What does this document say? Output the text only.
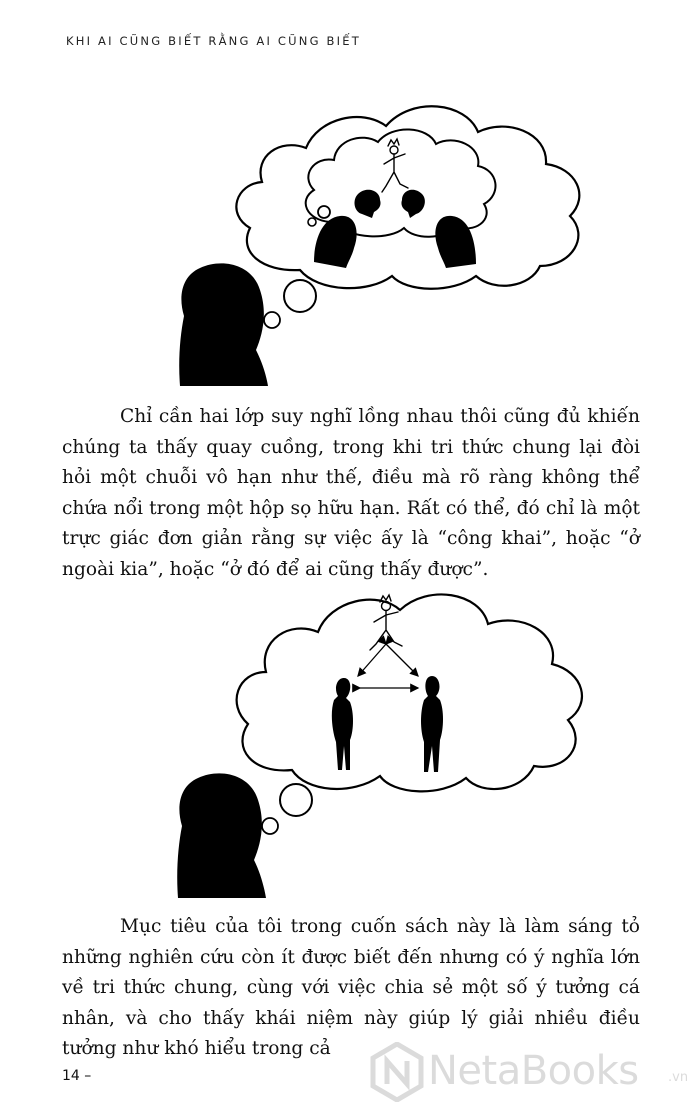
KHI AI CŨNG BIẾT RẰNG AI CŨNG BIẾT

Chỉ cần hai lớp suy nghĩ lồng nhau thôi cũng đủ khiến chúng ta thấy quay cuồng, trong khi tri thức chung lại đòi hỏi một chuỗi vô hạn như thế, điều mà rõ ràng không thể chứa nổi trong một hộp sọ hữu hạn. Rất có thể, đó chỉ là một trực giác đơn giản rằng sự việc ấy là “công khai”, hoặc “ở ngoài kia”, hoặc “ở đó để ai cũng thấy được”.

Mục tiêu của tôi trong cuốn sách này là làm sáng tỏ những nghiên cứu còn ít được biết đến nhưng có ý nghĩa lớn về tri thức chung, cùng với việc chia sẻ một số ý tưởng cá nhân, và cho thấy khái niệm này giúp lý giải nhiều điều tưởng như khó hiểu trong cả

14 –	NetaBooks .vn
